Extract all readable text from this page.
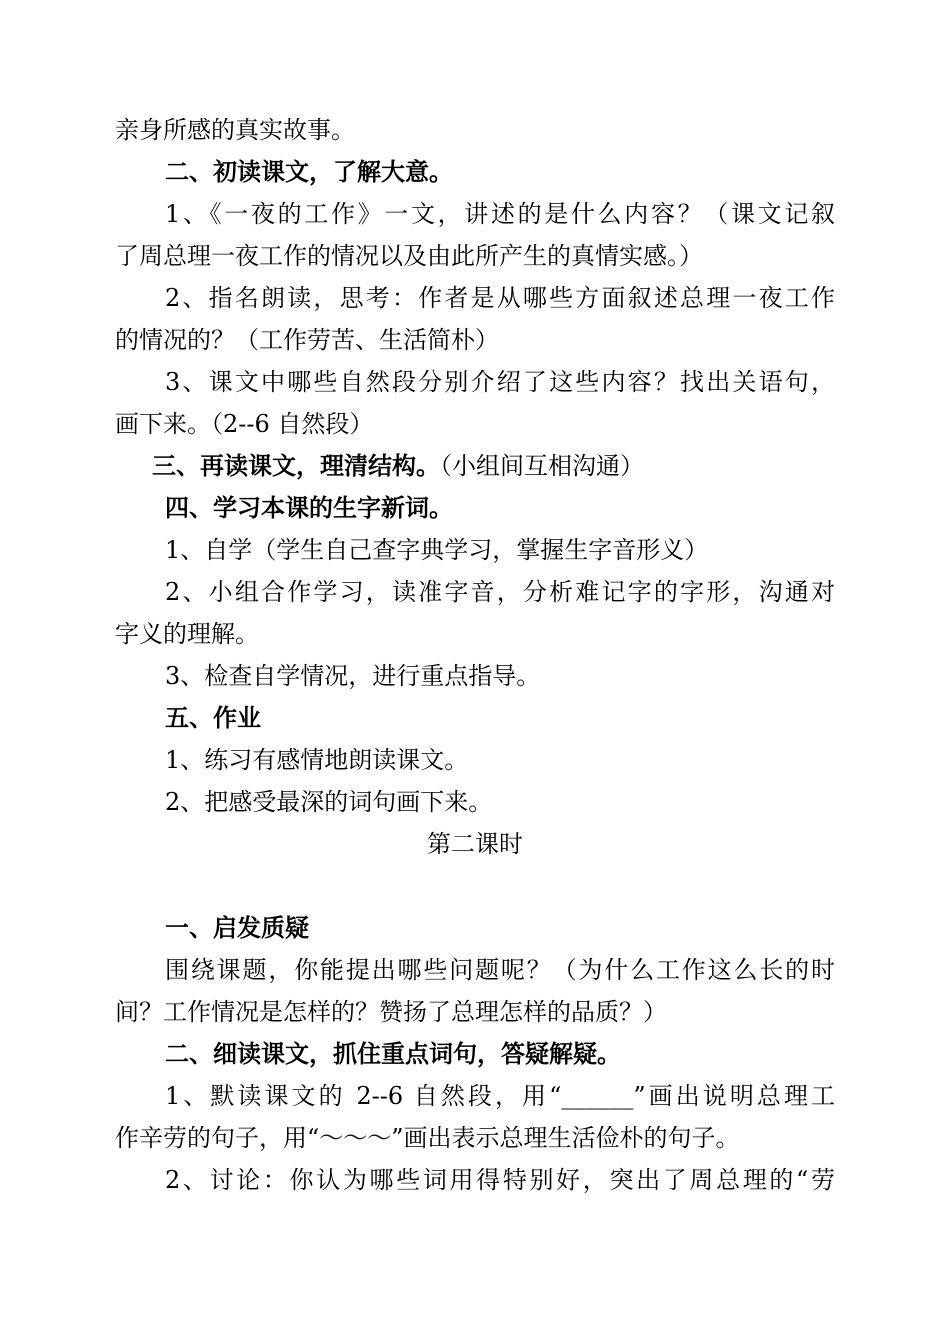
亲身所感的真实故事。
二、初读课文，了解大意。
1、《一夜的工作》一文，讲述的是什么内容？（课文记叙
了周总理一夜工作的情况以及由此所产生的真情实感。）
2、指名朗读，思考：作者是从哪些方面叙述总理一夜工作
的情况的？（工作劳苦、生活简朴）
3、课文中哪些自然段分别介绍了这些内容？找出关语句，
画下来。（2--6 自然段）
三、再读课文，理清结构。（小组间互相沟通）
四、学习本课的生字新词。
1、自学（学生自己查字典学习，掌握生字音形义）
2、小组合作学习，读准字音，分析难记字的字形，沟通对
字义的理解。
3、检查自学情况，进行重点指导。
五、作业
1、练习有感情地朗读课文。
2、把感受最深的词句画下来。
第二课时
一、启发质疑
围绕课题，你能提出哪些问题呢？（为什么工作这么长的时
间？工作情况是怎样的？赞扬了总理怎样的品质？）
二、细读课文，抓住重点词句，答疑解疑。
1、默读课文的 2--6 自然段，用“______”画出说明总理工
作辛劳的句子，用“～～～”画出表示总理生活俭朴的句子。
2、讨论：你认为哪些词用得特别好，突出了周总理的“劳
